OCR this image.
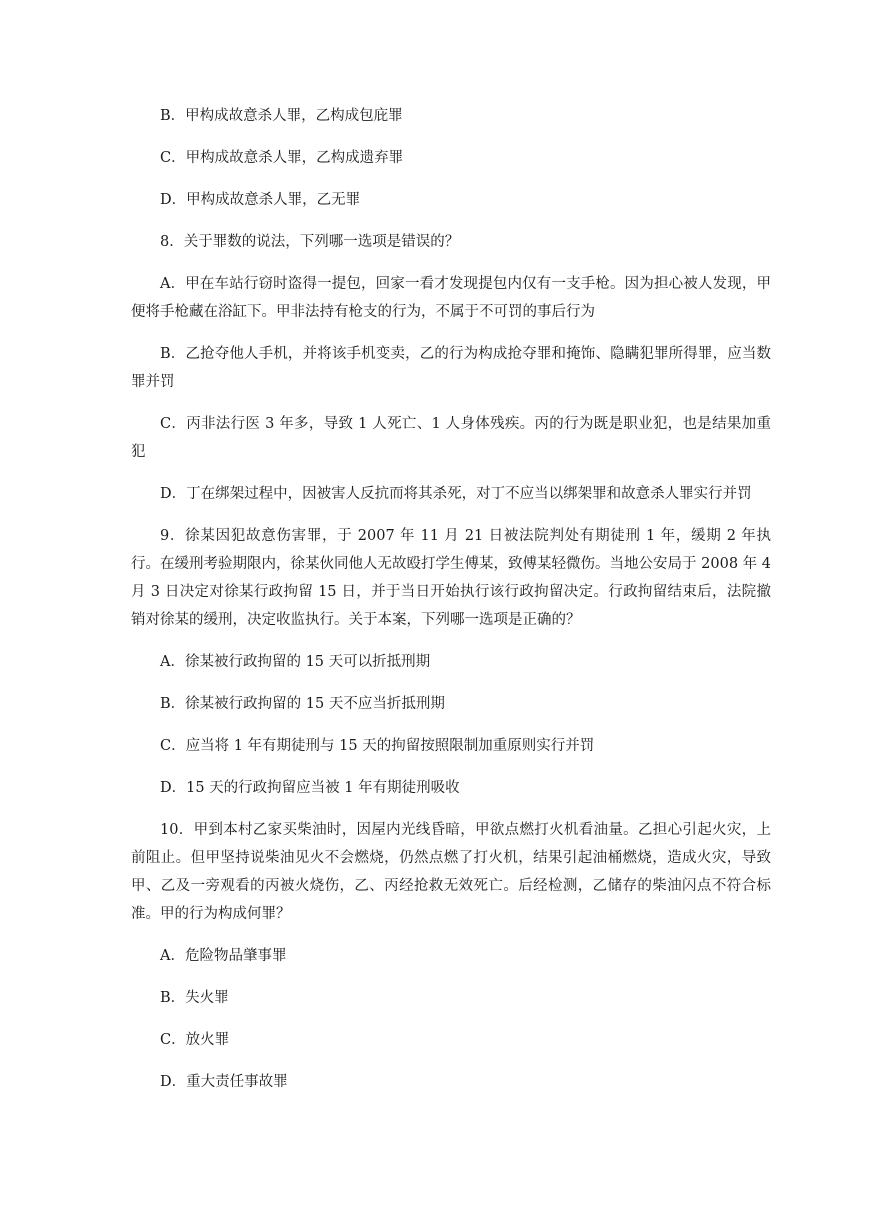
B．甲构成故意杀人罪，乙构成包庇罪

C．甲构成故意杀人罪，乙构成遗弃罪

D．甲构成故意杀人罪，乙无罪

8．关于罪数的说法，下列哪一选项是错误的？

A．甲在车站行窃时盗得一提包，回家一看才发现提包内仅有一支手枪。因为担心被人发现，甲便将手枪藏在浴缸下。甲非法持有枪支的行为，不属于不可罚的事后行为

B．乙抢夺他人手机，并将该手机变卖，乙的行为构成抢夺罪和掩饰、隐瞒犯罪所得罪，应当数罪并罚

C．丙非法行医 3 年多，导致 1 人死亡、1 人身体残疾。丙的行为既是职业犯，也是结果加重犯

D．丁在绑架过程中，因被害人反抗而将其杀死，对丁不应当以绑架罪和故意杀人罪实行并罚

9．徐某因犯故意伤害罪，于 2007 年 11 月 21 日被法院判处有期徒刑 1 年，缓期 2 年执行。在缓刑考验期限内，徐某伙同他人无故殴打学生傅某，致傅某轻微伤。当地公安局于 2008 年 4 月 3 日决定对徐某行政拘留 15 日，并于当日开始执行该行政拘留决定。行政拘留结束后，法院撤销对徐某的缓刑，决定收监执行。关于本案，下列哪一选项是正确的？

A．徐某被行政拘留的 15 天可以折抵刑期

B．徐某被行政拘留的 15 天不应当折抵刑期

C．应当将 1 年有期徒刑与 15 天的拘留按照限制加重原则实行并罚

D．15 天的行政拘留应当被 1 年有期徒刑吸收

10．甲到本村乙家买柴油时，因屋内光线昏暗，甲欲点燃打火机看油量。乙担心引起火灾，上前阻止。但甲坚持说柴油见火不会燃烧，仍然点燃了打火机，结果引起油桶燃烧，造成火灾，导致甲、乙及一旁观看的丙被火烧伤，乙、丙经抢救无效死亡。后经检测，乙储存的柴油闪点不符合标准。甲的行为构成何罪？

A．危险物品肇事罪

B．失火罪

C．放火罪

D．重大责任事故罪
